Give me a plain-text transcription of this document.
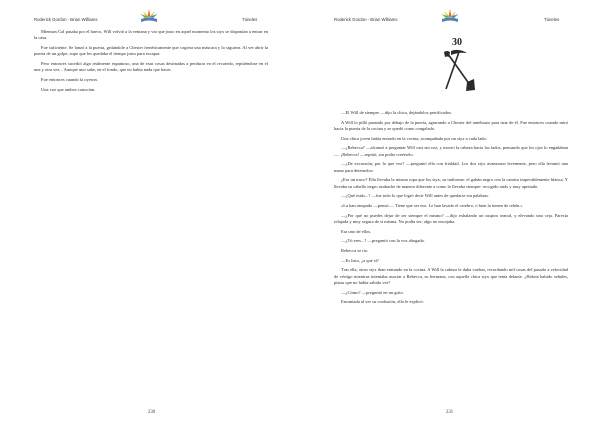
Roderick Gordon - Brian Williams	Túneles

Mientras Cal pasaba por el hueco, Will volvió a la ventana y vio que justo en aquel momento los styx se disponían a entrar en la casa.

Fue suficiente. Se lanzó a la puerta, gritándole a Chester frenéticamente que cogiera una máscara y lo siguiera. Al ver abrir la puerta de un golpe, supo que les quedaba el tiempo justo para escapar.

Pero entonces sucedió algo realmente espantoso, una de esas cosas destinadas a perdurar en el recuerdo, repitiéndose en el una y otra vez... Aunque uno sabe, en el fondo, que no había nada que hacer.

Fue entonces cuando la oyeron.

Una voz que ambos conocían.

230
Roderick Gordon - Brian Williams	Túneles
30

—El Will de siempre —dijo la chica, dejándolos petrificados.

A Will lo pilló pasando por debajo de la puerta, agarrando a Chester del antebrazo para tirar de él. Fue entonces cuando miró hacia la puerta de la cocina y se quedó como congelado.

Una chica joven había entrado en la cocina, acompañada por un styx a cada lado.

—¿Rebecca? —alcanzó a preguntar Will casi sin voz, y movió la cabeza hacia los lados, pensando que los ojos lo engañaban—. ¡Rebecca! —repitió, sin poder creérselo.

—¿De excursión, por lo que veo? —preguntó ella con frialdad. Los dos styx avanzaron levemente, pero ella levantó una mano para detenerlos.

¿Era un truco? Ella llevaba la misma ropa que los styx, su uniforme: el gabán negro con la camisa impecablemente blanca. Y llevaba su cabello negro azabache de manera diferente a como lo llevaba siempre: recogido atrás y muy apretado.

—¿Qué estás...? —fue todo lo que logró decir Will antes de quedarse sin palabras.

«La han atrapado —pensó—. Tiene que ser eso. Le han lavado el cerebro, o bien la tienen de rehén.»

—¿Por qué no puedes dejar de ser siempre el mismo? —dijo exhalando un suspiro teatral, y elevando una ceja. Parecía relajada y muy segura de sí misma. No podía ser; algo no encajaba.

Era uno de ellos.

—¿Tú eres...? —preguntó con la voz ahogada.

Rebecca se rio.

—Es listo, ¿a que sí?

Tras ella, otros styx iban entrando en la cocina. A Will la cabeza le daba vueltas, recordando mil cosas del pasado a velocidad de vértigo mientras intentaba asociar a Rebecca, su hermana, con aquella chica styx que tenía delante. ¿Habría habido señales, pistas que no había sabido ver?

—¿Cómo? —preguntó en un grito.

Encantada al ver su confusión, ella le explicó:

231
